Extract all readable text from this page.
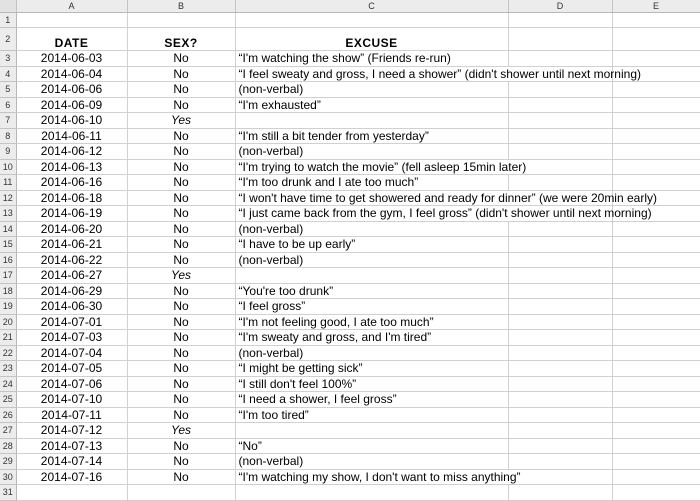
	A	B	C	D	E
1					
2	DATE	SEX?	EXCUSE		
3	2014-06-03	No	“I'm watching the show” (Friends re-run)		
4	2014-06-04	No	“I feel sweaty and gross, I need a shower” (didn't shower until next morning)		
5	2014-06-06	No	(non-verbal)		
6	2014-06-09	No	“I'm exhausted”		
7	2014-06-10	Yes			
8	2014-06-11	No	“I'm still a bit tender from yesterday”		
9	2014-06-12	No	(non-verbal)		
10	2014-06-13	No	“I'm trying to watch the movie” (fell asleep 15min later)		
11	2014-06-16	No	“I'm too drunk and I ate too much”		
12	2014-06-18	No	“I won't have time to get showered and ready for dinner” (we were 20min early)		
13	2014-06-19	No	“I just came back from the gym, I feel gross” (didn't shower until next morning)		
14	2014-06-20	No	(non-verbal)		
15	2014-06-21	No	“I have to be up early”		
16	2014-06-22	No	(non-verbal)		
17	2014-06-27	Yes			
18	2014-06-29	No	“You're too drunk”		
19	2014-06-30	No	“I feel gross”		
20	2014-07-01	No	“I'm not feeling good, I ate too much”		
21	2014-07-03	No	“I'm sweaty and gross, and I'm tired”		
22	2014-07-04	No	(non-verbal)		
23	2014-07-05	No	“I might be getting sick”		
24	2014-07-06	No	“I still don't feel 100%”		
25	2014-07-10	No	“I need a shower, I feel gross”		
26	2014-07-11	No	“I'm too tired”		
27	2014-07-12	Yes			
28	2014-07-13	No	“No”		
29	2014-07-14	No	(non-verbal)		
30	2014-07-16	No	“I'm watching my show, I don't want to miss anything”		
31					
